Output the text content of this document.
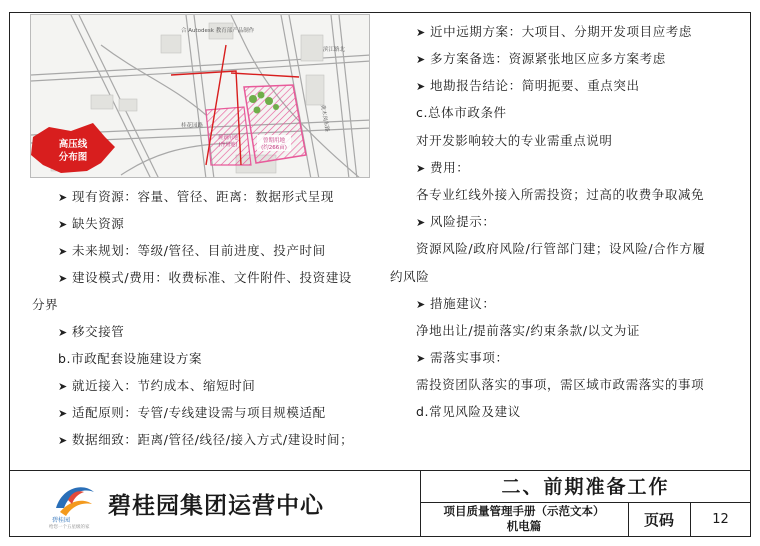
合 Autodesk 教育部产品制作
滨江路北
黄木岗东路
桂花园路
曾期用地
(约266亩)
规划用地
(净用地)
高压线
分布图
➤ 现有资源：容量、管径、距离：数据形式呈现
➤ 缺失资源
➤ 未来规划：等级/管径、目前进度、投产时间
➤ 建设模式/费用：收费标准、文件附件、投资建设
分界
➤ 移交接管
b.市政配套设施建设方案
➤ 就近接入：节约成本、缩短时间
➤ 适配原则：专管/专线建设需与项目规模适配
➤ 数据细致：距离/管径/线径/接入方式/建设时间；
➤ 近中远期方案：大项目、分期开发项目应考虑
➤ 多方案备选：资源紧张地区应多方案考虑
➤ 地勘报告结论：简明扼要、重点突出
c.总体市政条件
对开发影响较大的专业需重点说明
➤ 费用：
各专业红线外接入所需投资；过高的收费争取减免
➤ 风险提示：
资源风险/政府风险/行管部门建；设风险/合作方履
约风险
➤ 措施建议：
净地出让/提前落实/约束条款/以文为证
➤ 需落实事项：
需投资团队落实的事项，需区域市政需落实的事项
d.常见风险及建议
碧桂园
给您一个五星级的家
碧桂园集团运营中心
二、前期准备工作
项目质量管理手册（示范文本）
机电篇	页码	12
